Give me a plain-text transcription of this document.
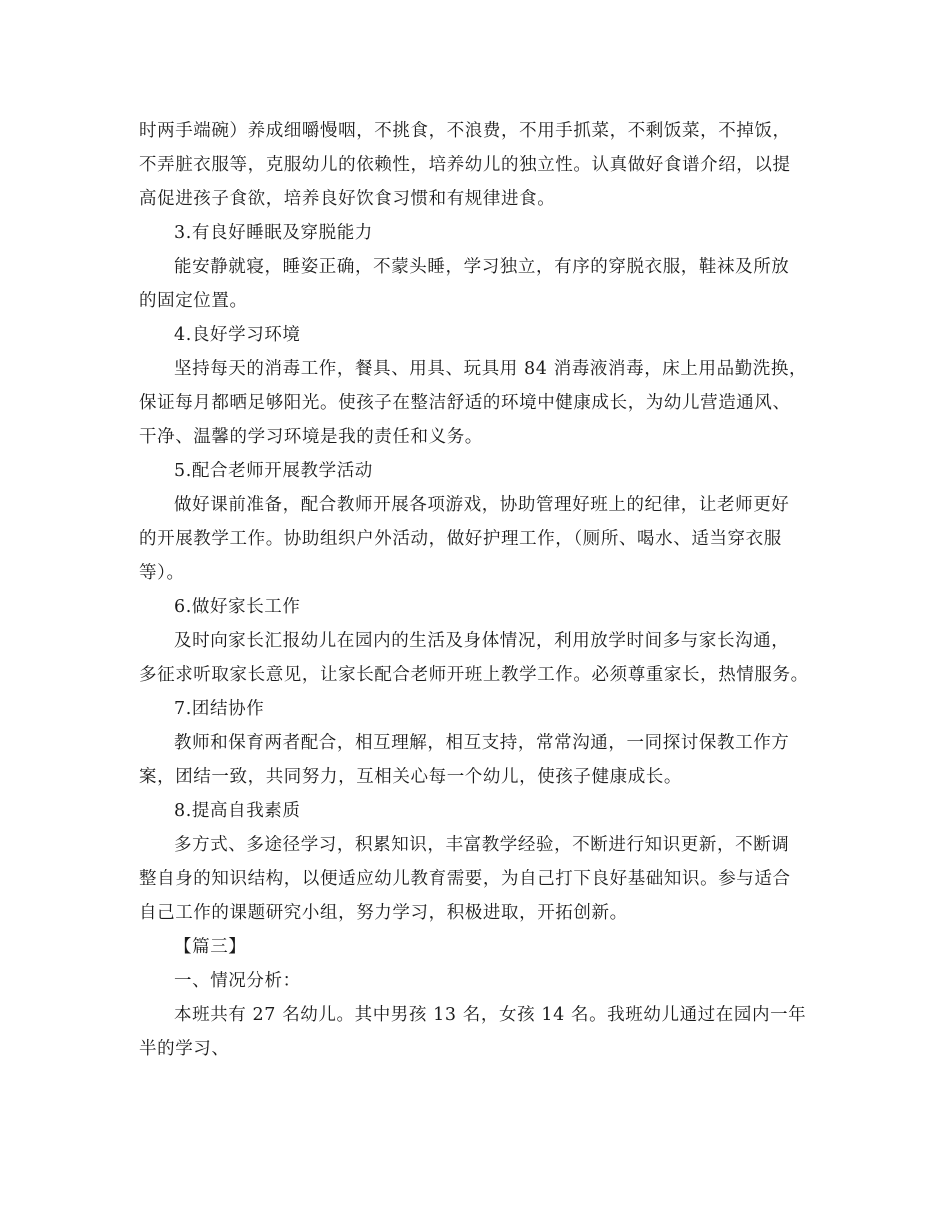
时两手端碗）养成细嚼慢咽，不挑食，不浪费，不用手抓菜，不剩饭菜，不掉饭，
不弄脏衣服等，克服幼儿的依赖性，培养幼儿的独立性。认真做好食谱介绍，以提
高促进孩子食欲，培养良好饮食习惯和有规律进食。
3.有良好睡眠及穿脱能力
能安静就寝，睡姿正确，不蒙头睡，学习独立，有序的穿脱衣服，鞋袜及所放
的固定位置。
4.良好学习环境
坚持每天的消毒工作，餐具、用具、玩具用 84 消毒液消毒，床上用品勤洗换，
保证每月都晒足够阳光。使孩子在整洁舒适的环境中健康成长，为幼儿营造通风、
干净、温馨的学习环境是我的责任和义务。
5.配合老师开展教学活动
做好课前准备，配合教师开展各项游戏，协助管理好班上的纪律，让老师更好
的开展教学工作。协助组织户外活动，做好护理工作，（厕所、喝水、适当穿衣服
等）。
6.做好家长工作
及时向家长汇报幼儿在园内的生活及身体情况，利用放学时间多与家长沟通，
多征求听取家长意见，让家长配合老师开班上教学工作。必须尊重家长，热情服务。
7.团结协作
教师和保育两者配合，相互理解，相互支持，常常沟通，一同探讨保教工作方
案，团结一致，共同努力，互相关心每一个幼儿，使孩子健康成长。
8.提高自我素质
多方式、多途径学习，积累知识，丰富教学经验，不断进行知识更新，不断调
整自身的知识结构，以便适应幼儿教育需要，为自己打下良好基础知识。参与适合
自己工作的课题研究小组，努力学习，积极进取，开拓创新。
【篇三】
一、情况分析：
本班共有 27 名幼儿。其中男孩 13 名，女孩 14 名。我班幼儿通过在园内一年
半的学习、
